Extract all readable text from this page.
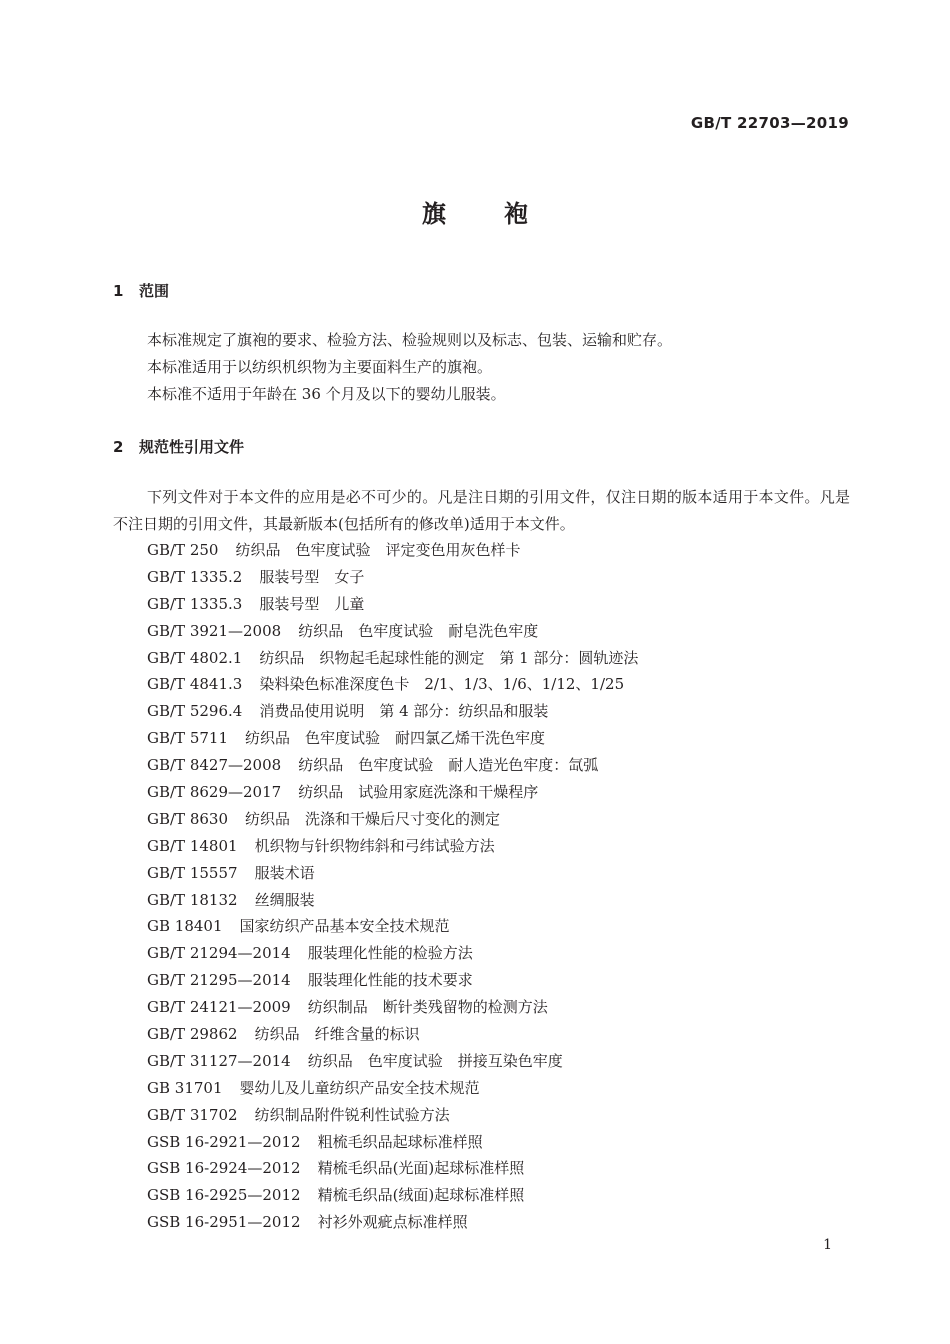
GB/T 22703—2019
旗袍
1 范围
本标准规定了旗袍的要求、检验方法、检验规则以及标志、包装、运输和贮存。
本标准适用于以纺织机织物为主要面料生产的旗袍。
本标准不适用于年龄在 36 个月及以下的婴幼儿服装。
2 规范性引用文件
下列文件对于本文件的应用是必不可少的。凡是注日期的引用文件，仅注日期的版本适用于本文件。凡是不注日期的引用文件，其最新版本(包括所有的修改单)适用于本文件。
GB/T 250 纺织品　色牢度试验　评定变色用灰色样卡
GB/T 1335.2 服装号型　女子
GB/T 1335.3 服装号型　儿童
GB/T 3921—2008 纺织品　色牢度试验　耐皂洗色牢度
GB/T 4802.1 纺织品　织物起毛起球性能的测定　第 1 部分：圆轨迹法
GB/T 4841.3 染料染色标准深度色卡　2/1、1/3、1/6、1/12、1/25
GB/T 5296.4 消费品使用说明　第 4 部分：纺织品和服装
GB/T 5711 纺织品　色牢度试验　耐四氯乙烯干洗色牢度
GB/T 8427—2008 纺织品　色牢度试验　耐人造光色牢度：氙弧
GB/T 8629—2017 纺织品　试验用家庭洗涤和干燥程序
GB/T 8630 纺织品　洗涤和干燥后尺寸变化的测定
GB/T 14801 机织物与针织物纬斜和弓纬试验方法
GB/T 15557 服装术语
GB/T 18132 丝绸服装
GB 18401 国家纺织产品基本安全技术规范
GB/T 21294—2014 服装理化性能的检验方法
GB/T 21295—2014 服装理化性能的技术要求
GB/T 24121—2009 纺织制品　断针类残留物的检测方法
GB/T 29862 纺织品　纤维含量的标识
GB/T 31127—2014 纺织品　色牢度试验　拼接互染色牢度
GB 31701 婴幼儿及儿童纺织产品安全技术规范
GB/T 31702 纺织制品附件锐利性试验方法
GSB 16-2921—2012 粗梳毛织品起球标准样照
GSB 16-2924—2012 精梳毛织品(光面)起球标准样照
GSB 16-2925—2012 精梳毛织品(绒面)起球标准样照
GSB 16-2951—2012 衬衫外观疵点标准样照
1
